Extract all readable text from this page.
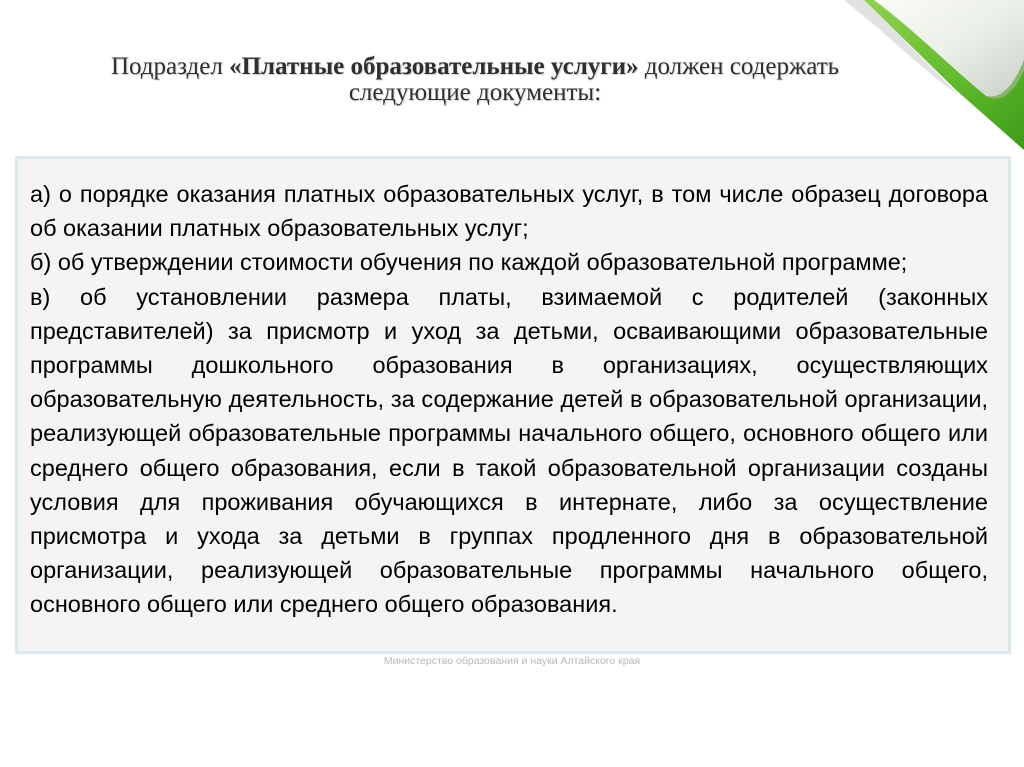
Подраздел «Платные образовательные услуги» должен содержать
следующие документы:

а) о порядке оказания платных образовательных услуг, в том числе образец договора об оказании платных образовательных услуг;

б) об утверждении стоимости обучения по каждой образовательной программе;

в) об установлении размера платы, взимаемой с родителей (законных представителей) за присмотр и уход за детьми, осваивающими образовательные программы дошкольного образования в организациях, осуществляющих образовательную деятельность, за содержание детей в образовательной организации, реализующей образовательные программы начального общего, основного общего или среднего общего образования, если в такой образовательной организации созданы условия для проживания обучающихся в интернате, либо за осуществление присмотра и ухода за детьми в группах продленного дня в образовательной организации, реализующей образовательные программы начального общего, основного общего или среднего общего образования.

Министерство образования и науки Алтайского края
